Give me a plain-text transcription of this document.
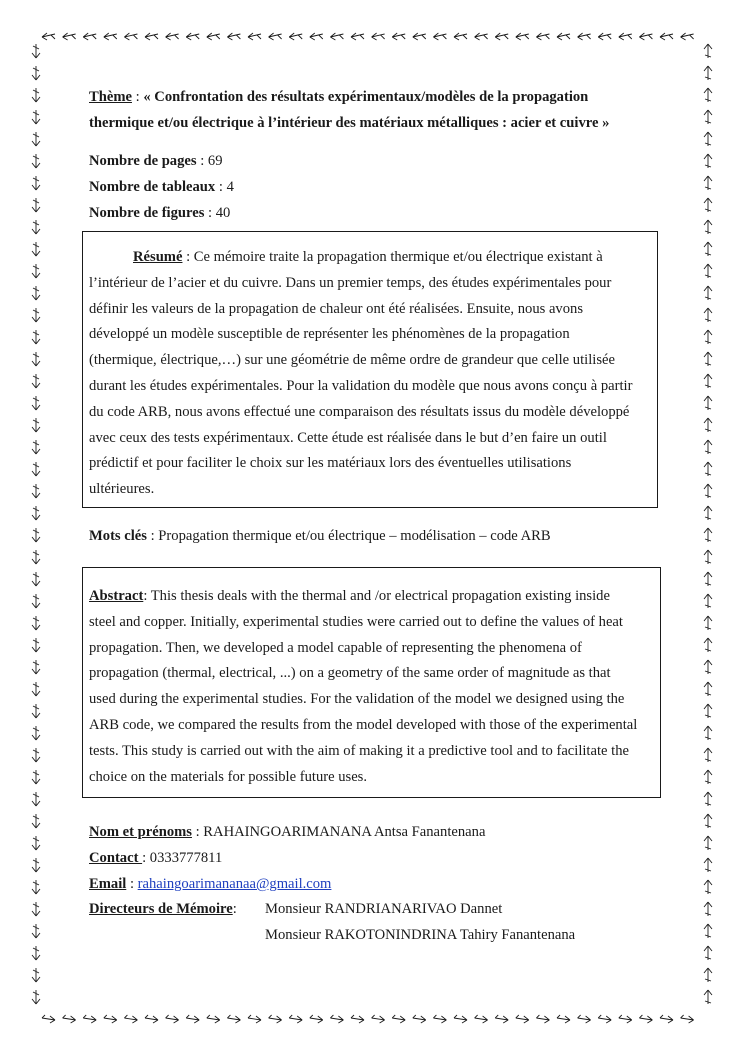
Thème : « Confrontation des résultats expérimentaux/modèles de la propagation
thermique et/ou électrique à l’intérieur des matériaux métalliques : acier et cuivre »
Nombre de pages : 69
Nombre de tableaux : 4
Nombre de figures : 40
Résumé : Ce mémoire traite la propagation thermique et/ou électrique existant à
l’intérieur de l’acier et du cuivre. Dans un premier temps, des études expérimentales pour
définir les valeurs de la propagation de chaleur ont été réalisées. Ensuite, nous avons
développé un modèle susceptible de représenter les phénomènes de la propagation
(thermique, électrique,…) sur une géométrie de même ordre de grandeur que celle utilisée
durant les études expérimentales. Pour la validation du modèle que nous avons conçu à partir
du code ARB, nous avons effectué une comparaison des résultats issus du modèle développé
avec ceux des tests expérimentaux. Cette étude est réalisée dans le but d’en faire un outil
prédictif et pour faciliter le choix sur les matériaux lors des éventuelles utilisations
ultérieures.
Mots clés : Propagation thermique et/ou électrique – modélisation – code ARB
Abstract: This thesis deals with the thermal and /or electrical propagation existing inside
steel and copper. Initially, experimental studies were carried out to define the values of heat
propagation. Then, we developed a model capable of representing the phenomena of
propagation (thermal, electrical, ...) on a geometry of the same order of magnitude as that
used during the experimental studies. For the validation of the model we designed using the
ARB code, we compared the results from the model developed with those of the experimental
tests. This study is carried out with the aim of making it a predictive tool and to facilitate the
choice on the materials for possible future uses.
Nom et prénoms : RAHAINGOARIMANANA Antsa Fanantenana
Contact : 0333777811
Email : rahaingoarimananaa@gmail.com
Directeurs de Mémoire: Monsieur RANDRIANARIVAO Dannet
Monsieur RAKOTONINDRINA Tahiry Fanantenana
